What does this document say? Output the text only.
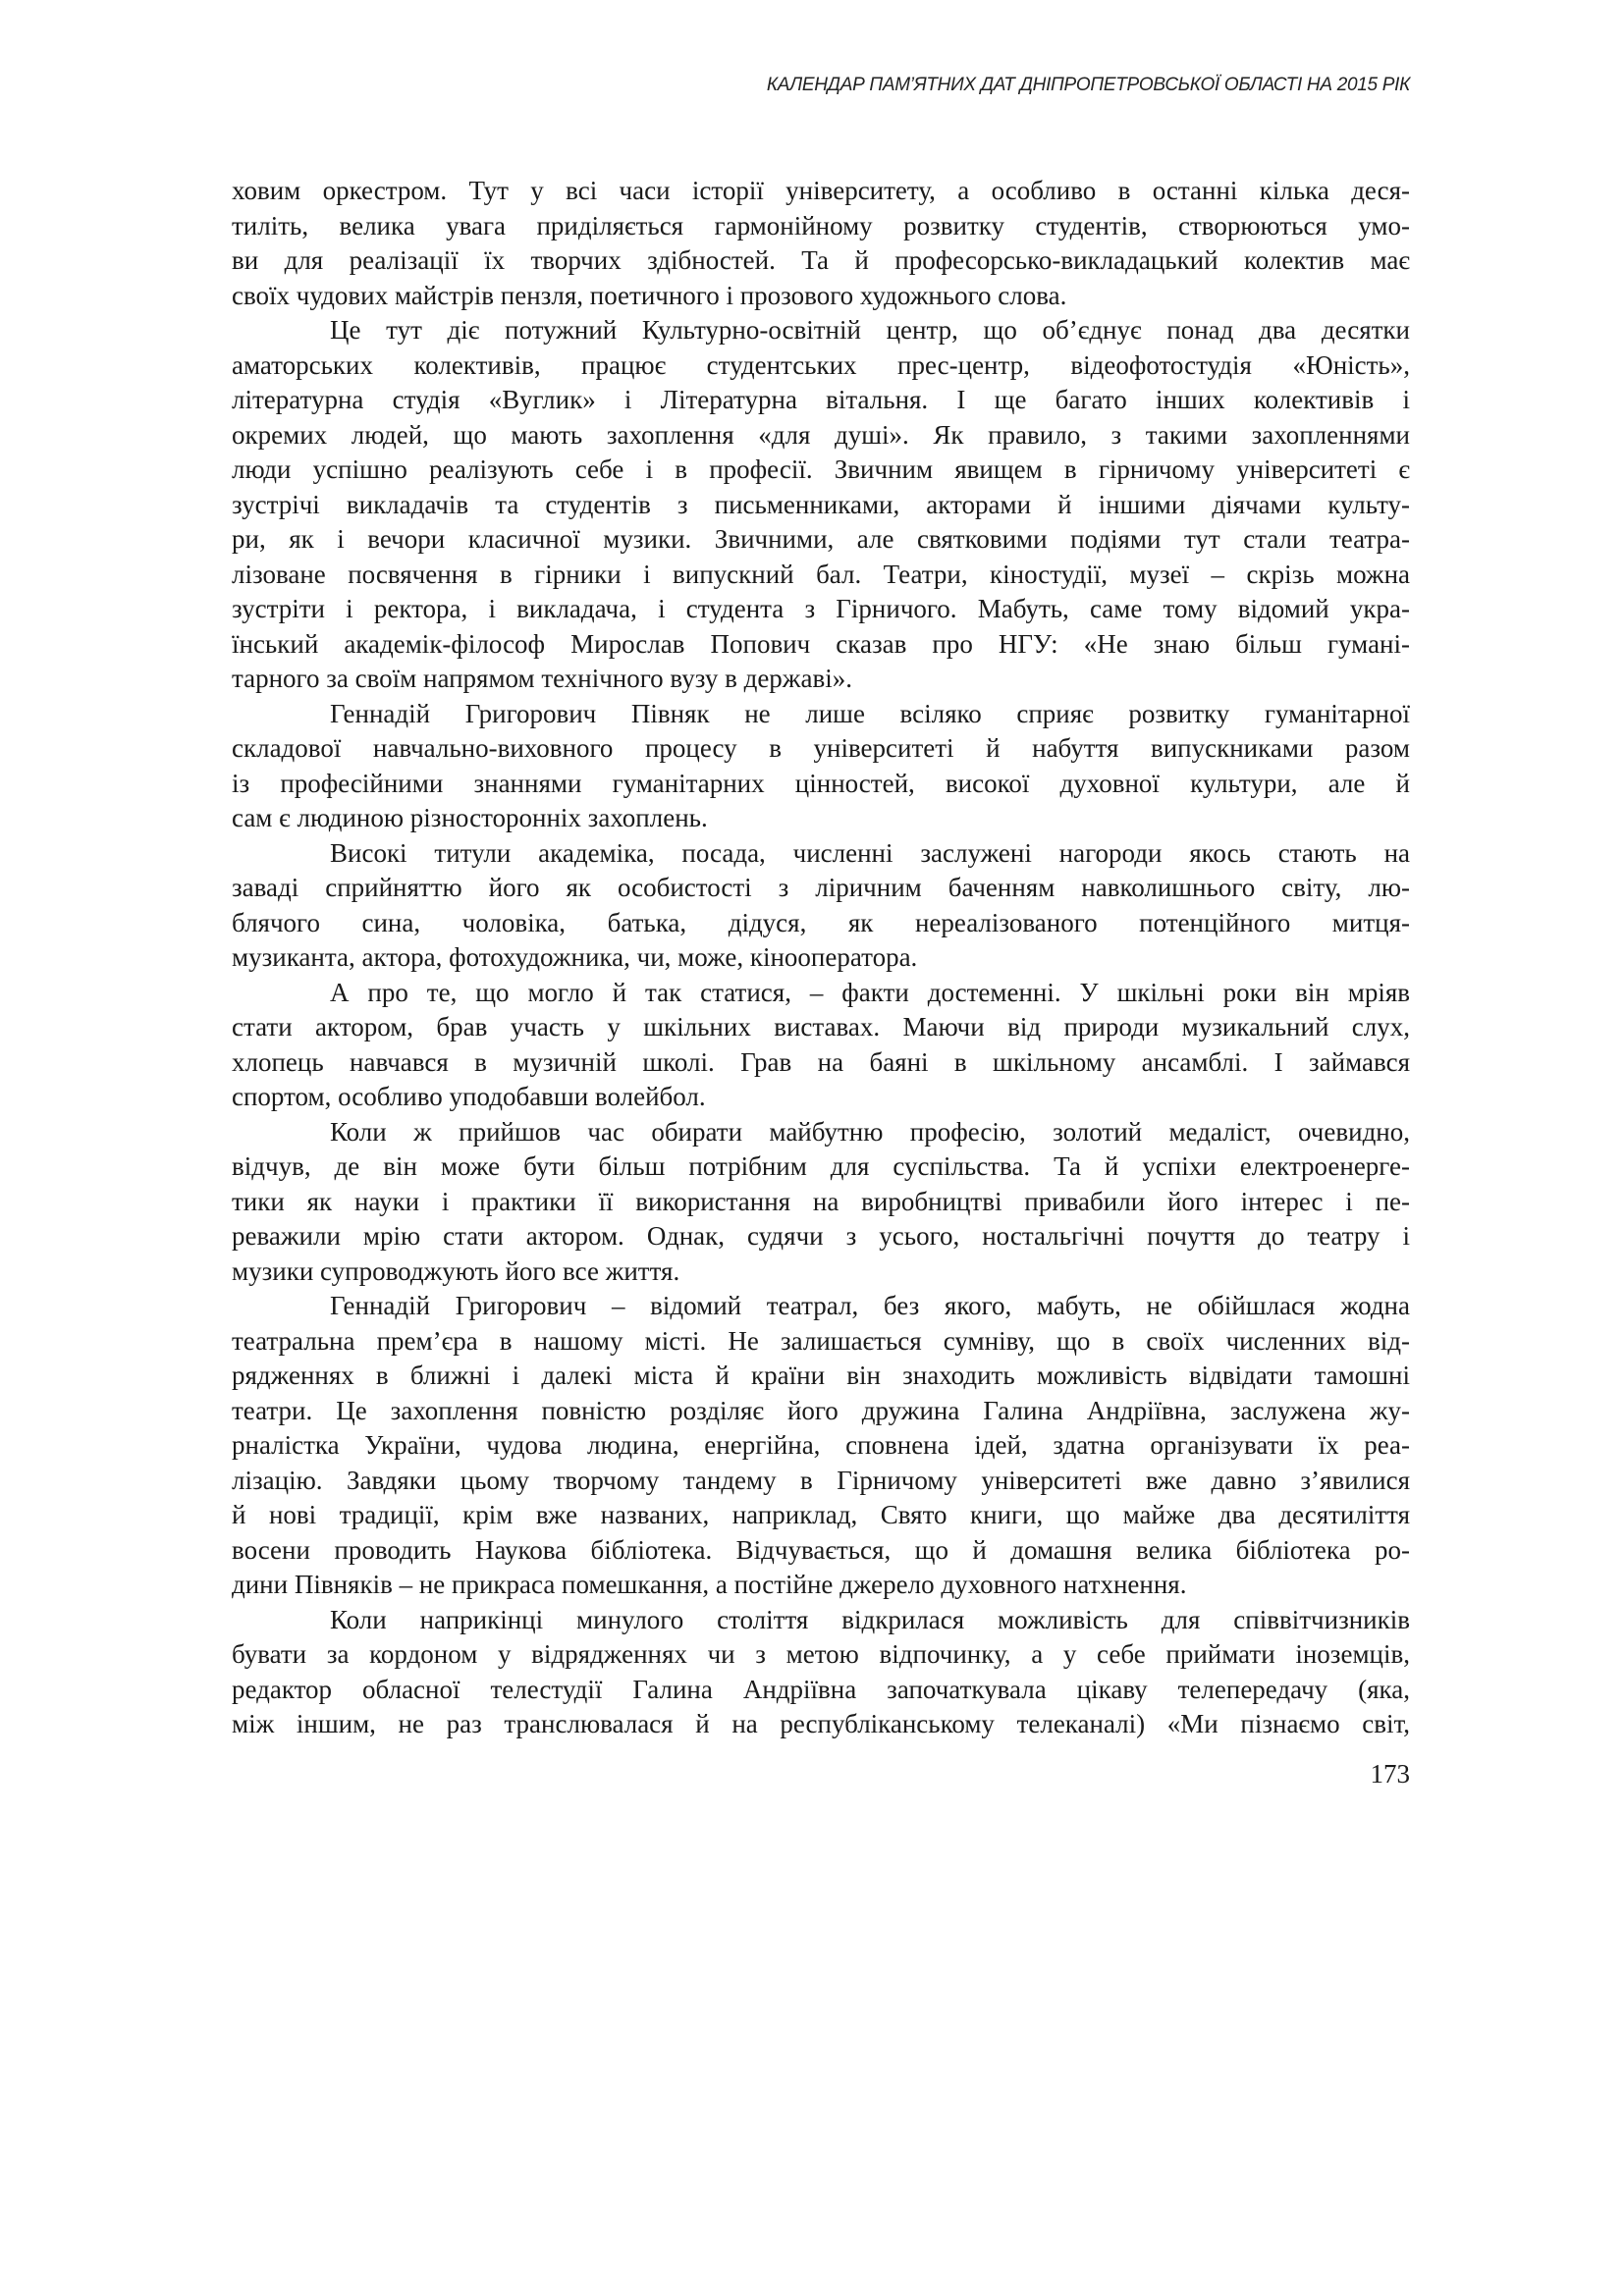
КАЛЕНДАР ПАМ’ЯТНИХ ДАТ ДНІПРОПЕТРОВСЬКОЇ ОБЛАСТІ НА 2015 РІК
ховим оркестром. Тут у всі часи історії університету, а особливо в останні кілька деся-
тиліть, велика увага приділяється гармонійному розвитку студентів, створюються умо-
ви для реалізації їх творчих здібностей. Та й професорсько-викладацький колектив має
своїх чудових майстрів пензля, поетичного і прозового художнього слова.
Це тут діє потужний Культурно-освітній центр, що об’єднує понад два десятки
аматорських колективів, працює студентських прес-центр, відеофотостудія «Юність»,
літературна студія «Вуглик» і Літературна вітальня. І ще багато інших колективів і
окремих людей, що мають захоплення «для душі». Як правило, з такими захопленнями
люди успішно реалізують себе і в професії. Звичним явищем в гірничому університеті є
зустрічі викладачів та студентів з письменниками, акторами й іншими діячами культу-
ри, як і вечори класичної музики. Звичними, але святковими подіями тут стали театра-
лізоване посвячення в гірники і випускний бал. Театри, кіностудії, музеї – скрізь можна
зустріти і ректора, і викладача, і студента з Гірничого. Мабуть, саме тому відомий укра-
їнський академік-філософ Мирослав Попович сказав про НГУ: «Не знаю більш гумані-
тарного за своїм напрямом технічного вузу в державі».
Геннадій Григорович Півняк не лише всіляко сприяє розвитку гуманітарної
складової навчально-виховного процесу в університеті й набуття випускниками разом
із професійними знаннями гуманітарних цінностей, високої духовної культури, але й
сам є людиною різносторонніх захоплень.
Високі титули академіка, посада, численні заслужені нагороди якось стають на
заваді сприйняттю його як особистості з ліричним баченням навколишнього світу, лю-
блячого сина, чоловіка, батька, дідуся, як нереалізованого потенційного митця-
музиканта, актора, фотохудожника, чи, може, кінооператора.
А про те, що могло й так статися, – факти достеменні. У шкільні роки він мріяв
стати актором, брав участь у шкільних виставах. Маючи від природи музикальний слух,
хлопець навчався в музичній школі. Грав на баяні в шкільному ансамблі. І займався
спортом, особливо уподобавши волейбол.
Коли ж прийшов час обирати майбутню професію, золотий медаліст, очевидно,
відчув, де він може бути більш потрібним для суспільства. Та й успіхи електроенерге-
тики як науки і практики її використання на виробництві привабили його інтерес і пе-
реважили мрію стати актором. Однак, судячи з усього, ностальгічні почуття до театру і
музики супроводжують його все життя.
Геннадій Григорович – відомий театрал, без якого, мабуть, не обійшлася жодна
театральна прем’єра в нашому місті. Не залишається сумніву, що в своїх численних від-
рядженнях в ближні і далекі міста й країни він знаходить можливість відвідати тамошні
театри. Це захоплення повністю розділяє його дружина Галина Андріївна, заслужена жу-
рналістка України, чудова людина, енергійна, сповнена ідей, здатна організувати їх реа-
лізацію. Завдяки цьому творчому тандему в Гірничому університеті вже давно з’явилися
й нові традиції, крім вже названих, наприклад, Свято книги, що майже два десятиліття
восени проводить Наукова бібліотека. Відчувається, що й домашня велика бібліотека ро-
дини Півняків – не прикраса помешкання, а постійне джерело духовного натхнення.
Коли наприкінці минулого століття відкрилася можливість для співвітчизників
бувати за кордоном у відрядженнях чи з метою відпочинку, а у себе приймати іноземців,
редактор обласної телестудії Галина Андріївна започаткувала цікаву телепередачу (яка,
між іншим, не раз транслювалася й на республіканському телеканалі) «Ми пізнаємо світ,
173
